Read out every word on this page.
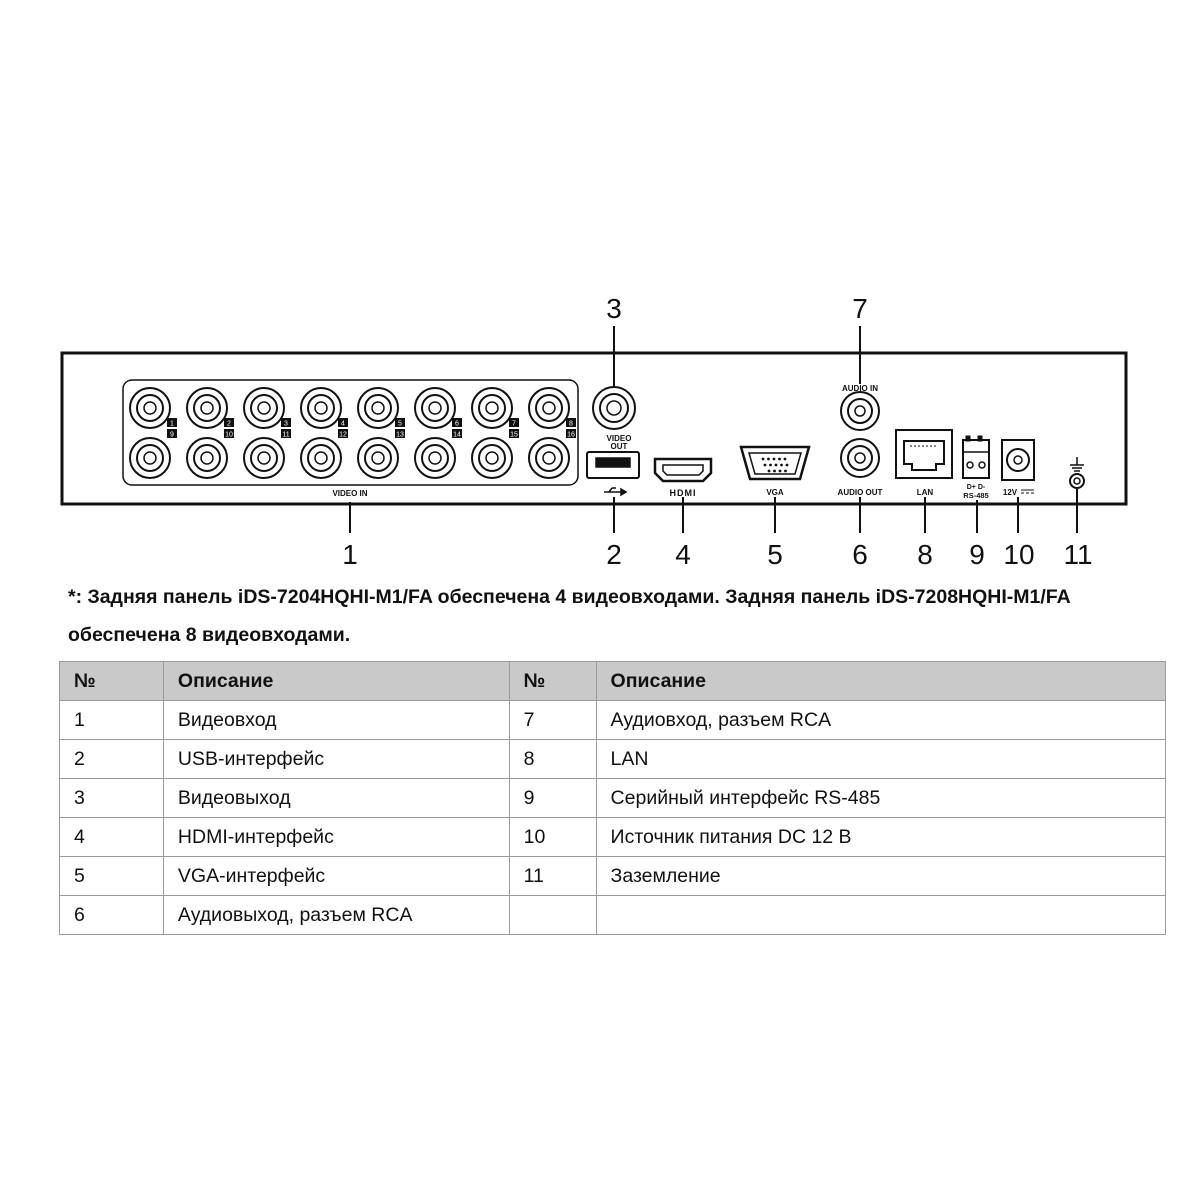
1	2	3	4	5	6	7	8
9	10	11	12	13	14	15	16
VIDEO IN
VIDEO
OUT
HDMI	VGA
AUDIO IN
AUDIO OUT	LAN
D+ D-
RS-485 12V
1	2
3
4	5 6
7
8 9 10 11

*: Задняя панель iDS-7204HQHI-M1/FA обеспечена 4 видеовходами. Задняя панель iDS-7208HQHI-M1/FA обеспечена 8 видеовходами.

№	Описание	№	Описание
1	Видеовход	7	Аудиовход, разъем RCA
2	USB-интерфейс	8	LAN
3	Видеовыход	9	Серийный интерфейс RS-485
4	HDMI-интерфейс	10	Источник питания DC 12 В
5	VGA-интерфейс	11	Заземление
6	Аудиовыход, разъем RCA		
